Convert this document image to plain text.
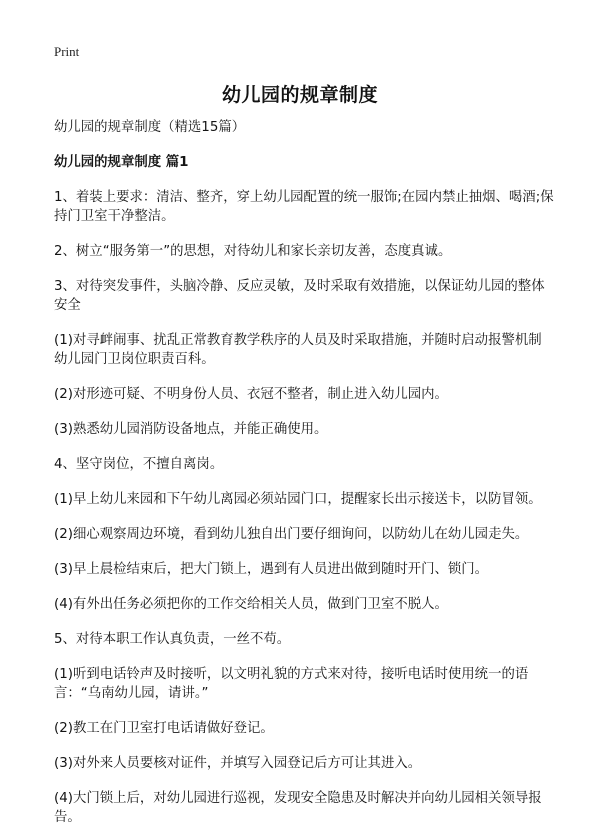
Print
幼儿园的规章制度

幼儿园的规章制度（精选15篇）

幼儿园的规章制度 篇1

1、着装上要求：清洁、整齐，穿上幼儿园配置的统一服饰;在园内禁止抽烟、喝酒;保持门卫室干净整洁。

2、树立“服务第一”的思想，对待幼儿和家长亲切友善，态度真诚。

3、对待突发事件，头脑冷静、反应灵敏，及时采取有效措施，以保证幼儿园的整体安全

(1)对寻衅闹事、扰乱正常教育教学秩序的人员及时采取措施，并随时启动报警机制幼儿园门卫岗位职责百科。

(2)对形迹可疑、不明身份人员、衣冠不整者，制止进入幼儿园内。

(3)熟悉幼儿园消防设备地点，并能正确使用。

4、坚守岗位，不擅自离岗。

(1)早上幼儿来园和下午幼儿离园必须站园门口，提醒家长出示接送卡，以防冒领。

(2)细心观察周边环境，看到幼儿独自出门要仔细询问，以防幼儿在幼儿园走失。

(3)早上晨检结束后，把大门锁上，遇到有人员进出做到随时开门、锁门。

(4)有外出任务必须把你的工作交给相关人员，做到门卫室不脱人。

5、对待本职工作认真负责，一丝不苟。

(1)听到电话铃声及时接听，以文明礼貌的方式来对待，接听电话时使用统一的语言：“乌南幼儿园，请讲。”

(2)教工在门卫室打电话请做好登记。

(3)对外来人员要核对证件，并填写入园登记后方可让其进入。

(4)大门锁上后，对幼儿园进行巡视，发现安全隐患及时解决并向幼儿园相关领导报告。
